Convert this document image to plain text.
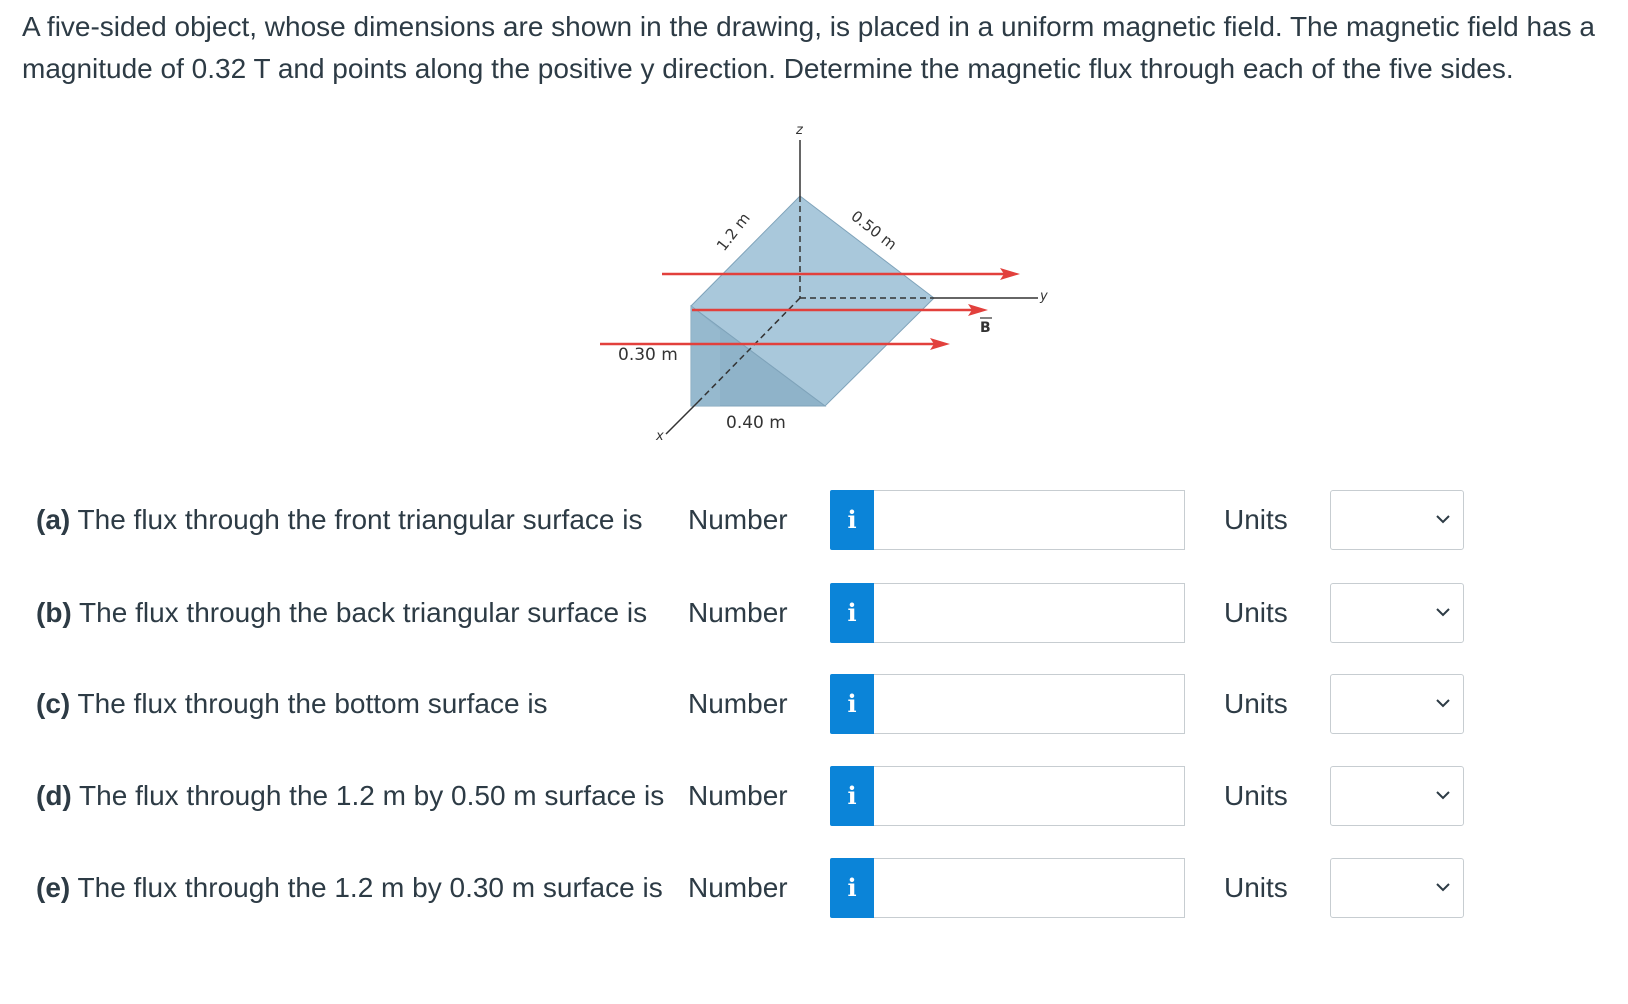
A five-sided object, whose dimensions are shown in the drawing, is placed in a uniform magnetic field. The magnetic field has a magnitude of 0.32 T and points along the positive y direction. Determine the magnetic flux through each of the five sides.

z
y
x
1.2 m	0.50 m
0.30 m
0.40 m
B
(a) The flux through the front triangular surface is Number	i	Units
(b) The flux through the back triangular surface is Number	i	Units
(c) The flux through the bottom surface is	Number	i	Units
(d) The flux through the 1.2 m by 0.50 m surface is Number	i	Units
(e) The flux through the 1.2 m by 0.30 m surface is Number	i	Units
